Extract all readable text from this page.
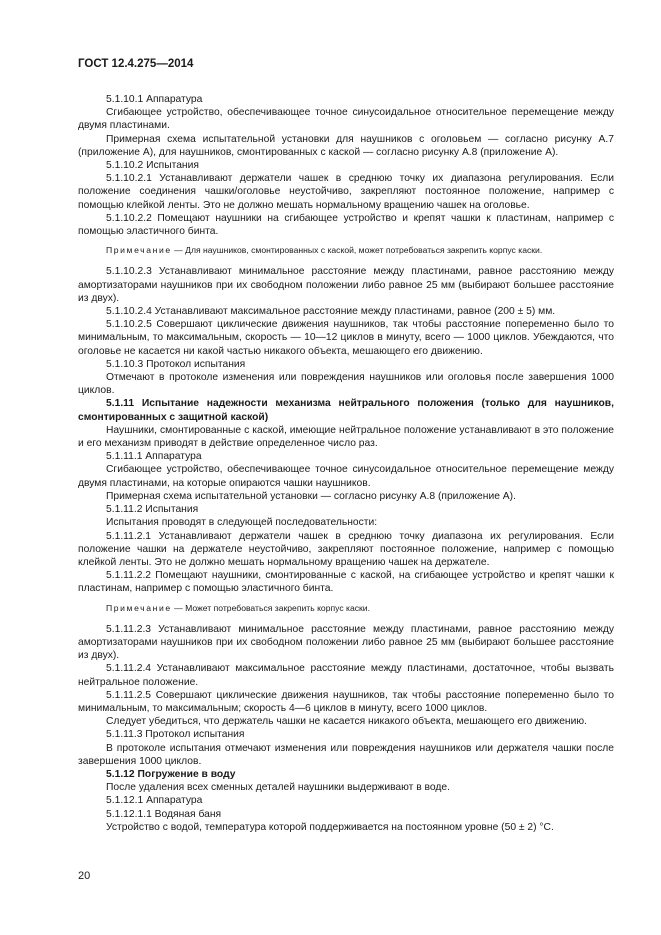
ГОСТ 12.4.275—2014

5.1.10.1 Аппаратура

Сгибающее устройство, обеспечивающее точное синусоидальное относительное перемещение между двумя пластинами.

Примерная схема испытательной установки для наушников с оголовьем — согласно рисунку А.7 (приложение А), для наушников, смонтированных с каской — согласно рисунку А.8 (приложение А).

5.1.10.2 Испытания

5.1.10.2.1 Устанавливают держатели чашек в среднюю точку их диапазона регулирования. Если положение соединения чашки/оголовье неустойчиво, закрепляют постоянное положение, например с помощью клейкой ленты. Это не должно мешать нормальному вращению чашек на оголовье.

5.1.10.2.2 Помещают наушники на сгибающее устройство и крепят чашки к пластинам, например с помощью эластичного бинта.

Примечание — Для наушников, смонтированных с каской, может потребоваться закрепить корпус каски.

5.1.10.2.3 Устанавливают минимальное расстояние между пластинами, равное расстоянию между амортизаторами наушников при их свободном положении либо равное 25 мм (выбирают большее расстояние из двух).

5.1.10.2.4 Устанавливают максимальное расстояние между пластинами, равное (200 ± 5) мм.

5.1.10.2.5 Совершают циклические движения наушников, так чтобы расстояние попеременно было то минимальным, то максимальным, скорость — 10—12 циклов в минуту, всего — 1000 циклов. Убеждаются, что оголовье не касается ни какой частью никакого объекта, мешающего его движению.

5.1.10.3 Протокол испытания

Отмечают в протоколе изменения или повреждения наушников или оголовья после завершения 1000 циклов.

5.1.11 Испытание надежности механизма нейтрального положения (только для наушников, смонтированных с защитной каской)

Наушники, смонтированные с каской, имеющие нейтральное положение устанавливают в это положение и его механизм приводят в действие определенное число раз.

5.1.11.1 Аппаратура

Сгибающее устройство, обеспечивающее точное синусоидальное относительное перемещение между двумя пластинами, на которые опираются чашки наушников.

Примерная схема испытательной установки — согласно рисунку А.8 (приложение А).

5.1.11.2 Испытания

Испытания проводят в следующей последовательности:

5.1.11.2.1 Устанавливают держатели чашек в среднюю точку диапазона их регулирования. Если положение чашки на держателе неустойчиво, закрепляют постоянное положение, например с помощью клейкой ленты. Это не должно мешать нормальному вращению чашек на держателе.

5.1.11.2.2 Помещают наушники, смонтированные с каской, на сгибающее устройство и крепят чашки к пластинам, например с помощью эластичного бинта.

Примечание — Может потребоваться закрепить корпус каски.

5.1.11.2.3 Устанавливают минимальное расстояние между пластинами, равное расстоянию между амортизаторами наушников при их свободном положении либо равное 25 мм (выбирают большее расстояние из двух).

5.1.11.2.4 Устанавливают максимальное расстояние между пластинами, достаточное, чтобы вызвать нейтральное положение.

5.1.11.2.5 Совершают циклические движения наушников, так чтобы расстояние попеременно было то минимальным, то максимальным; скорость 4—6 циклов в минуту, всего 1000 циклов.

Следует убедиться, что держатель чашки не касается никакого объекта, мешающего его движению.

5.1.11.3 Протокол испытания

В протоколе испытания отмечают изменения или повреждения наушников или держателя чашки после завершения 1000 циклов.

5.1.12 Погружение в воду

После удаления всех сменных деталей наушники выдерживают в воде.

5.1.12.1 Аппаратура

5.1.12.1.1 Водяная баня

Устройство с водой, температура которой поддерживается на постоянном уровне (50 ± 2) °С.

20
